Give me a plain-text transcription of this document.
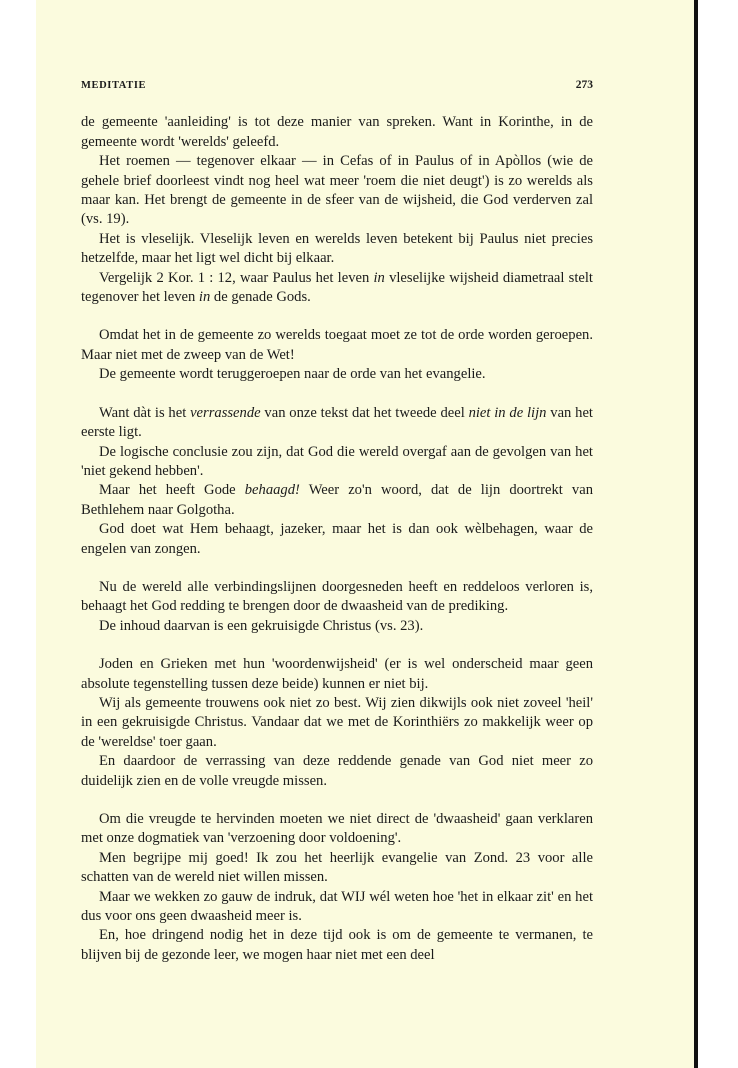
MEDITATIE	273

de gemeente 'aanleiding' is tot deze manier van spreken. Want in Korinthe, in de gemeente wordt 'werelds' geleefd.

Het roemen — tegenover elkaar — in Cefas of in Paulus of in Apòllos (wie de gehele brief doorleest vindt nog heel wat meer 'roem die niet deugt') is zo werelds als maar kan. Het brengt de gemeente in de sfeer van de wijsheid, die God verderven zal (vs. 19).

Het is vleselijk. Vleselijk leven en werelds leven betekent bij Paulus niet precies hetzelfde, maar het ligt wel dicht bij elkaar.

Vergelijk 2 Kor. 1 : 12, waar Paulus het leven in vleselijke wijsheid diametraal stelt tegenover het leven in de genade Gods.

Omdat het in de gemeente zo werelds toegaat moet ze tot de orde worden geroepen. Maar niet met de zweep van de Wet!

De gemeente wordt teruggeroepen naar de orde van het evangelie.

Want dàt is het verrassende van onze tekst dat het tweede deel niet in de lijn van het eerste ligt.

De logische conclusie zou zijn, dat God die wereld overgaf aan de gevolgen van het 'niet gekend hebben'.

Maar het heeft Gode behaagd! Weer zo'n woord, dat de lijn doortrekt van Bethlehem naar Golgotha.

God doet wat Hem behaagt, jazeker, maar het is dan ook wèlbehagen, waar de engelen van zongen.

Nu de wereld alle verbindingslijnen doorgesneden heeft en reddeloos verloren is, behaagt het God redding te brengen door de dwaasheid van de prediking.

De inhoud daarvan is een gekruisigde Christus (vs. 23).

Joden en Grieken met hun 'woordenwijsheid' (er is wel onderscheid maar geen absolute tegenstelling tussen deze beide) kunnen er niet bij.

Wij als gemeente trouwens ook niet zo best. Wij zien dikwijls ook niet zoveel 'heil' in een gekruisigde Christus. Vandaar dat we met de Korinthiërs zo makkelijk weer op de 'wereldse' toer gaan.

En daardoor de verrassing van deze reddende genade van God niet meer zo duidelijk zien en de volle vreugde missen.

Om die vreugde te hervinden moeten we niet direct de 'dwaasheid' gaan verklaren met onze dogmatiek van 'verzoening door voldoening'.

Men begrijpe mij goed! Ik zou het heerlijk evangelie van Zond. 23 voor alle schatten van de wereld niet willen missen.

Maar we wekken zo gauw de indruk, dat WIJ wél weten hoe 'het in elkaar zit' en het dus voor ons geen dwaasheid meer is.

En, hoe dringend nodig het in deze tijd ook is om de gemeente te vermanen, te blijven bij de gezonde leer, we mogen haar niet met een deel
